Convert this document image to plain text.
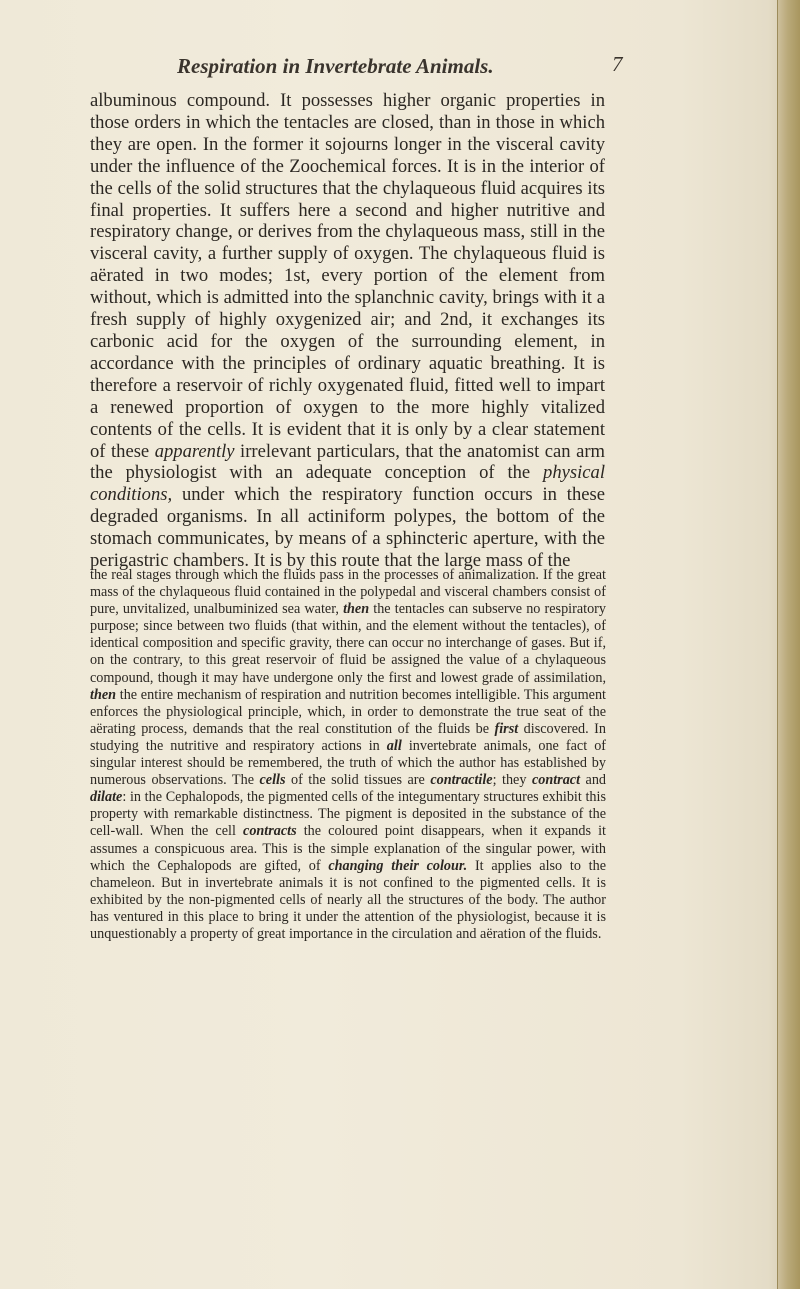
Respiration in Invertebrate Animals.	7

albuminous compound. It possesses higher organic properties in those orders in which the tentacles are closed, than in those in which they are open. In the former it sojourns longer in the visceral cavity under the influence of the Zoochemical forces. It is in the interior of the cells of the solid structures that the chylaqueous fluid acquires its final properties. It suffers here a second and higher nutritive and respiratory change, or derives from the chylaqueous mass, still in the visceral cavity, a further supply of oxygen. The chylaqueous fluid is aërated in two modes; 1st, every portion of the element from without, which is admitted into the splanchnic cavity, brings with it a fresh supply of highly oxygenized air; and 2nd, it exchanges its carbonic acid for the oxygen of the surrounding element, in accordance with the principles of ordinary aquatic breathing. It is therefore a reservoir of richly oxygenated fluid, fitted well to impart a renewed proportion of oxygen to the more highly vitalized contents of the cells. It is evident that it is only by a clear statement of these apparently irrelevant particulars, that the anatomist can arm the physiologist with an adequate conception of the physical conditions, under which the respiratory function occurs in these degraded organisms. In all actiniform polypes, the bottom of the stomach communicates, by means of a sphincteric aperture, with the perigastric chambers. It is by this route that the large mass of the

the real stages through which the fluids pass in the processes of animalization. If the great mass of the chylaqueous fluid contained in the polypedal and visceral chambers consist of pure, unvitalized, unalbuminized sea water, then the tentacles can subserve no respiratory purpose; since between two fluids (that within, and the element without the tentacles), of identical composition and specific gravity, there can occur no interchange of gases. But if, on the contrary, to this great reservoir of fluid be assigned the value of a chylaqueous compound, though it may have undergone only the first and lowest grade of assimilation, then the entire mechanism of respiration and nutrition becomes intelligible. This argument enforces the physiological principle, which, in order to demonstrate the true seat of the aërating process, demands that the real constitution of the fluids be first discovered. In studying the nutritive and respiratory actions in all invertebrate animals, one fact of singular interest should be remembered, the truth of which the author has established by numerous observations. The cells of the solid tissues are contractile; they contract and dilate: in the Cephalopods, the pigmented cells of the integumentary structures exhibit this property with remarkable distinctness. The pigment is deposited in the substance of the cell-wall. When the cell contracts the coloured point disappears, when it expands it assumes a conspicuous area. This is the simple explanation of the singular power, with which the Cephalopods are gifted, of changing their colour. It applies also to the chameleon. But in invertebrate animals it is not confined to the pigmented cells. It is exhibited by the non-pigmented cells of nearly all the structures of the body. The author has ventured in this place to bring it under the attention of the physiologist, because it is unquestionably a property of great importance in the circulation and aëration of the fluids.
